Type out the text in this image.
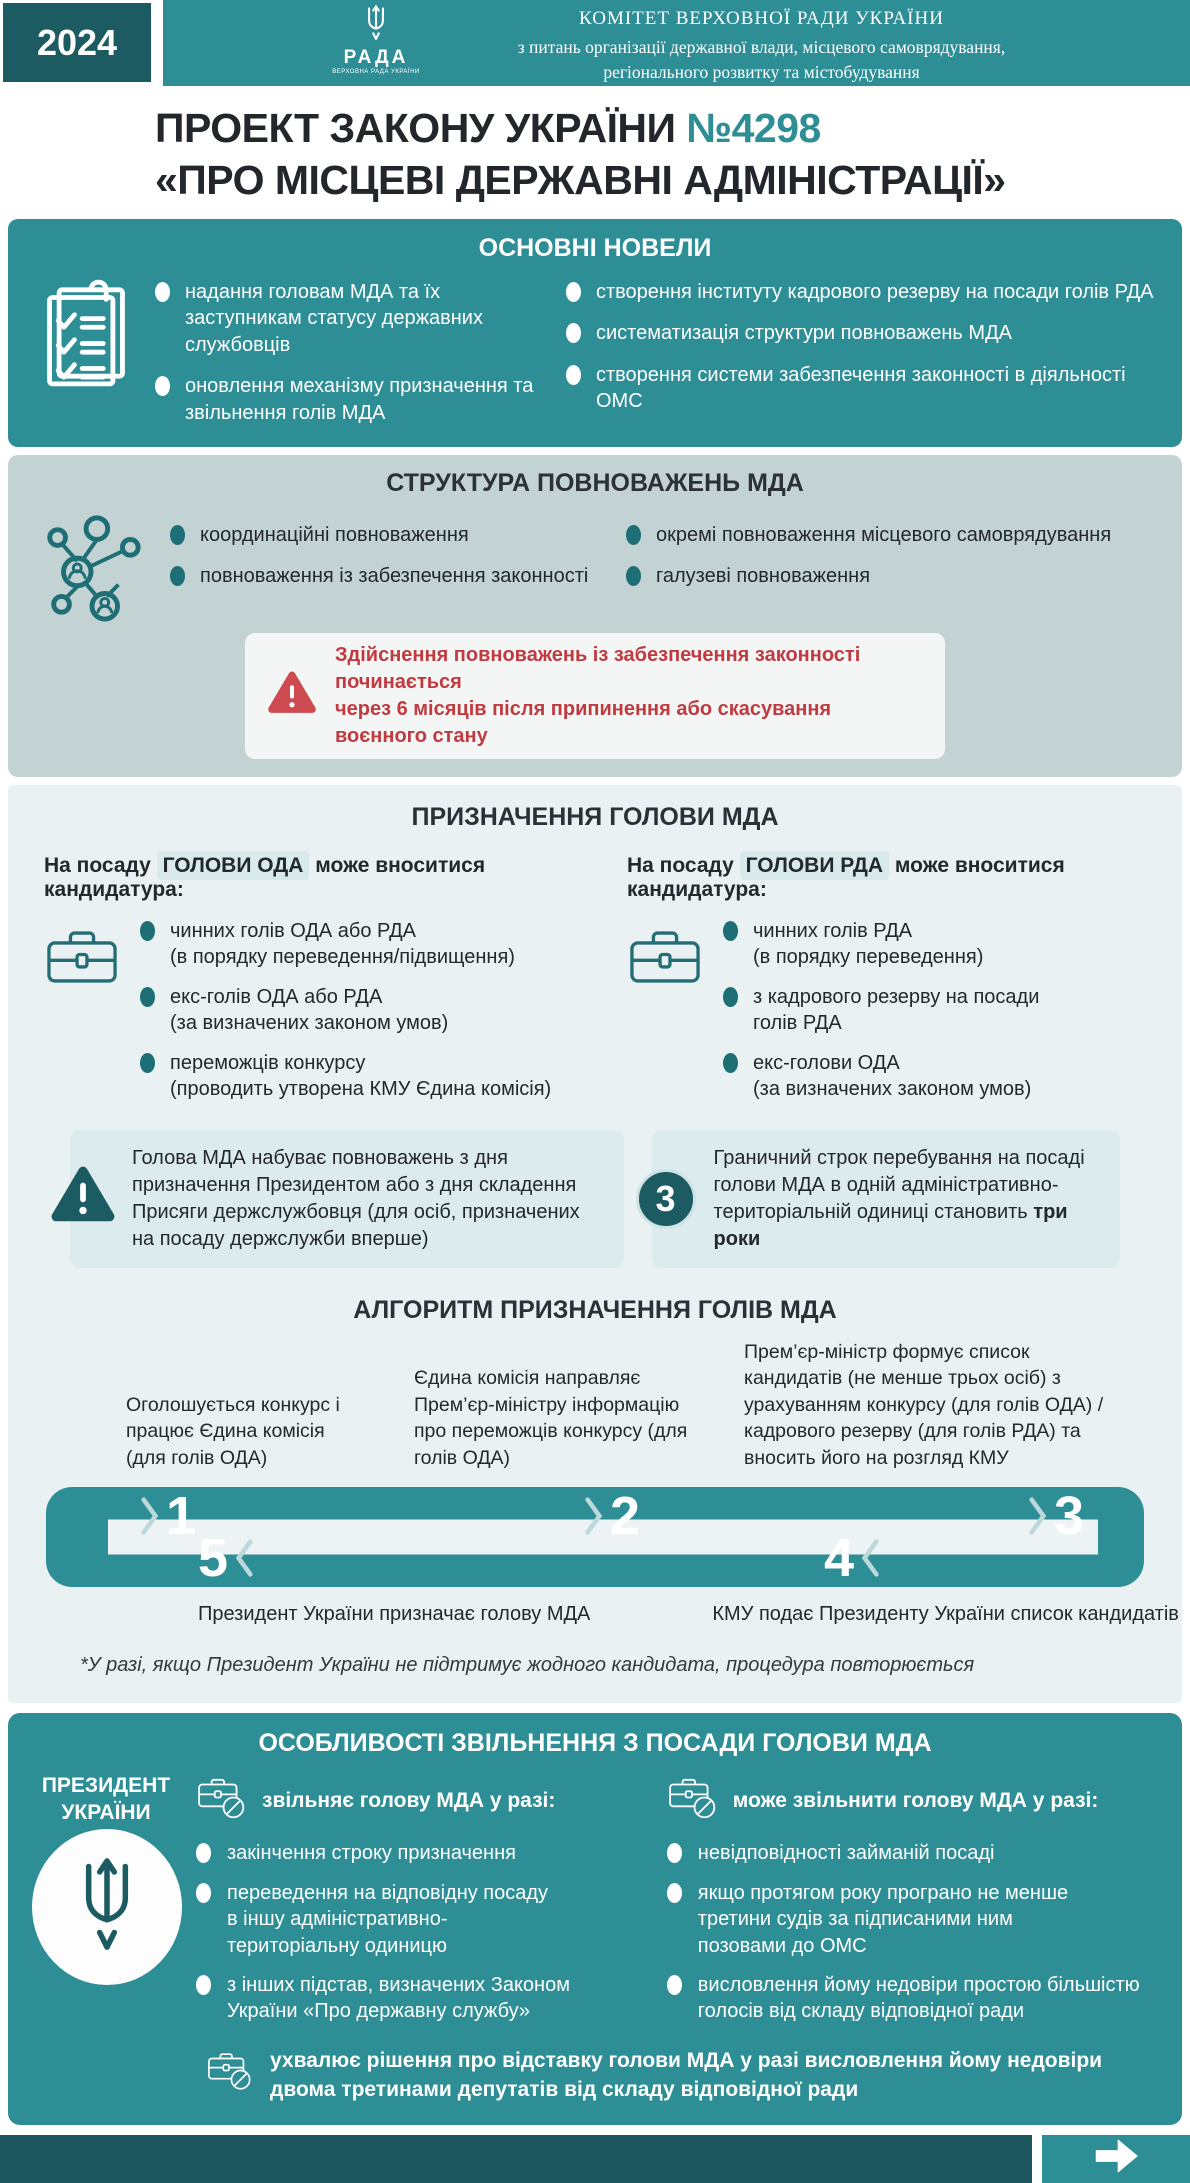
2024	РАДА
ВЕРХОВНА РАДА УКРАЇНИ
КОМІТЕТ ВЕРХОВНОЇ РАДИ УКРАЇНИ
з питань організації державної влади, місцевого самоврядування,
регіонального розвитку та містобудування
ПРОЕКТ ЗАКОНУ УКРАЇНИ №4298
«ПРО МІСЦЕВІ ДЕРЖАВНІ АДМІНІСТРАЦІЇ»
ОСНОВНІ НОВЕЛИ
надання головам МДА та їх заступникам статусу державних службовців
оновлення механізму призначення та звільнення голів МДА
створення інституту кадрового резерву на посади голів РДА
систематизація структури повноважень МДА
створення системи забезпечення законності в діяльності ОМС
СТРУКТУРА ПОВНОВАЖЕНЬ МДА
координаційні повноваження
повноваження із забезпечення законності
окремі повноваження місцевого самоврядування
галузеві повноваження
Здійснення повноважень із забезпечення законності починається
через 6 місяців після припинення або скасування воєнного стану
ПРИЗНАЧЕННЯ ГОЛОВИ МДА
На посаду ГОЛОВИ ОДА може вноситися кандидатура:
чинних голів ОДА або РДА
(в порядку переведення/підвищення)
екс-голів ОДА або РДА
(за визначених законом умов)
переможців конкурсу
(проводить утворена КМУ Єдина комісія)
На посаду ГОЛОВИ РДА може вноситися кандидатура:
чинних голів РДА
(в порядку переведення)
з кадрового резерву на посади голів РДА
екс-голови ОДА
(за визначених законом умов)
Голова МДА набуває повноважень з дня призначення Президентом або з дня складення Присяги держслужбовця (для осіб, призначених на посаду держслужби вперше)
3
Граничний строк перебування на посаді голови МДА в одній адміністративно-територіальній одиниці становить три роки
АЛГОРИТМ ПРИЗНАЧЕННЯ ГОЛІВ МДА
Оголошується конкурс і працює Єдина комісія (для голів ОДА)
Єдина комісія направляє Прем’єр-міністру інформацію про переможців конкурсу (для голів ОДА)
Прем’єр-міністр формує список кандидатів (не менше трьох осіб) з урахуванням конкурсу (для голів ОДА) / кадрового резерву (для голів РДА) та вносить його на розгляд КМУ
1	2	3
5	4
Президент України призначає голову МДА	КМУ подає Президенту України список кандидатів
*У разі, якщо Президент України не підтримує жодного кандидата, процедура повторюється
ОСОБЛИВОСТІ ЗВІЛЬНЕННЯ З ПОСАДИ ГОЛОВИ МДА
ПРЕЗИДЕНТ
УКРАЇНИ	звільняє голову МДА у разі:
закінчення строку призначення
переведення на відповідну посаду в іншу адміністративно-територіальну одиницю
з інших підстав, визначених Законом України «Про державну службу»
може звільнити голову МДА у разі:
невідповідності займаній посаді
якщо протягом року програно не менше третини судів за підписаними ним позовами до ОМС
висловлення йому недовіри простою більшістю голосів від складу відповідної ради
ухвалює рішення про відставку голови МДА у разі висловлення йому недовіри двома третинами депутатів від складу відповідної ради
